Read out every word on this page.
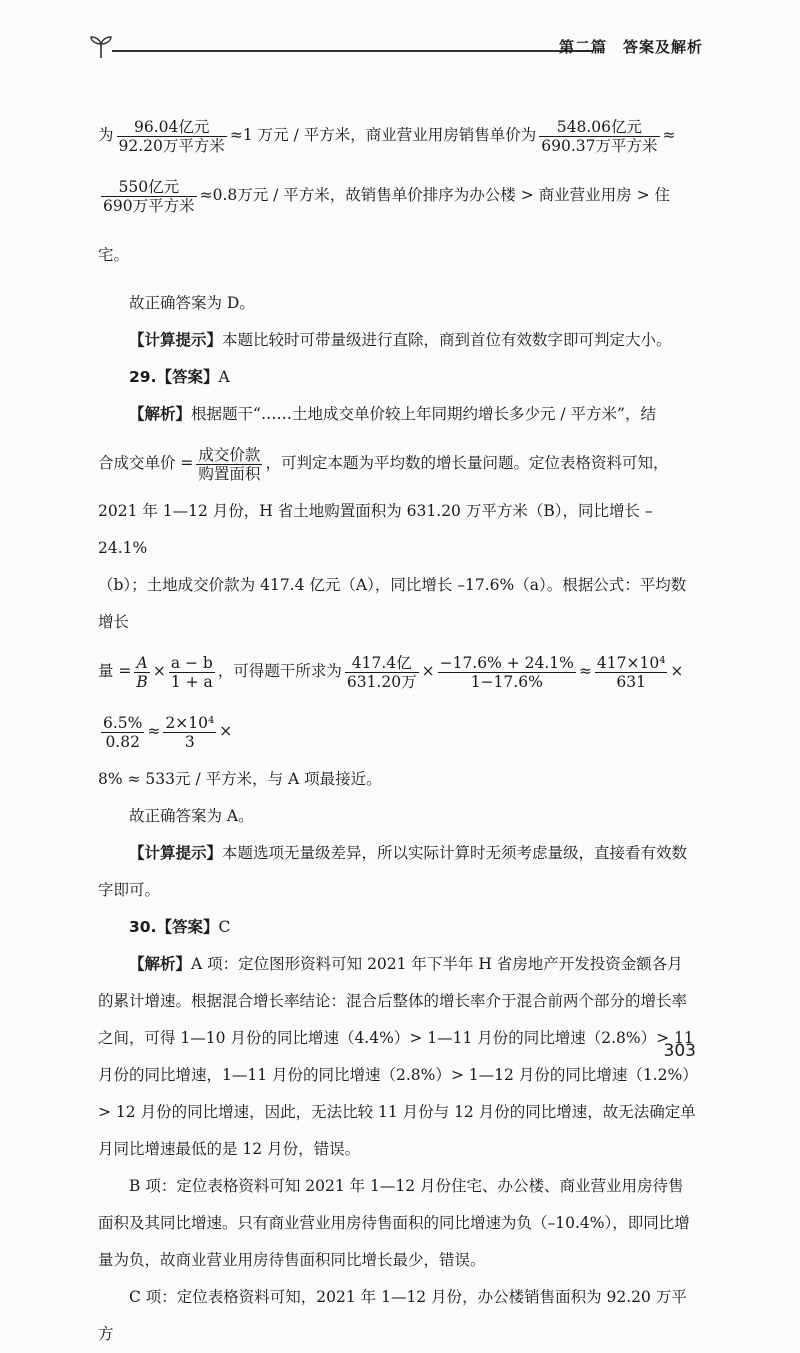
第二篇　答案及解析

为 $\frac{\text{96.04亿元}}{\text{92.20万平方米}} \approx 1$ 万元 / 平方米，商业营业用房销售单价为 $\frac{\text{548.06亿元}}{\text{690.37万平方米}}$ ≈

$\frac{\text{550亿元}}{\text{690万平方米}} \approx 0.8$万元 / 平方米，故销售单价排序为办公楼 > 商业营业用房 > 住宅。

故正确答案为 D。

【计算提示】本题比较时可带量级进行直除，商到首位有效数字即可判定大小。

29.【答案】A

【解析】根据题干“……土地成交单价较上年同期约增长多少元 / 平方米”，结

合成交单价 = $\frac{\text{成交价款}}{\text{购置面积}}$ ，可判定本题为平均数的增长量问题。定位表格资料可知，

2021 年 1—12 月份，H 省土地购置面积为 631.20 万平方米（B），同比增长 –24.1%

（b）；土地成交价款为 417.4 亿元（A），同比增长 –17.6%（a）。根据公式：平均数增长

量 = $\frac{A}{B} \times \frac{a - b}{1 + a}$ ，可得题干所求为 $\frac{\text{417.4亿}}{\text{631.20万}} \times \frac{-17.6\% + 24.1\%}{1-17.6\%} \approx \frac{\text{417×10⁴}}{631}$ ×
$\frac{6.5\%}{0.82} \approx \frac{\text{2×10⁴}}{3}$ ×

8% ≈ 533元 / 平方米，与 A 项最接近。

故正确答案为 A。

【计算提示】本题选项无量级差异，所以实际计算时无须考虑量级，直接看有效数字即可。

30.【答案】C

【解析】A 项：定位图形资料可知 2021 年下半年 H 省房地产开发投资金额各月的累计增速。根据混合增长率结论：混合后整体的增长率介于混合前两个部分的增长率之间，可得 1—10 月份的同比增速（4.4%）> 1—11 月份的同比增速（2.8%）> 11 月份的同比增速，1—11 月份的同比增速（2.8%）> 1—12 月份的同比增速（1.2%）> 12 月份的同比增速，因此，无法比较 11 月份与 12 月份的同比增速，故无法确定单月同比增速最低的是 12 月份，错误。

B 项：定位表格资料可知 2021 年 1—12 月份住宅、办公楼、商业营业用房待售面积及其同比增速。只有商业营业用房待售面积的同比增速为负（–10.4%），即同比增量为负，故商业营业用房待售面积同比增长最少，错误。

C 项：定位表格资料可知，2021 年 1—12 月份，办公楼销售面积为 92.20 万平方

303
